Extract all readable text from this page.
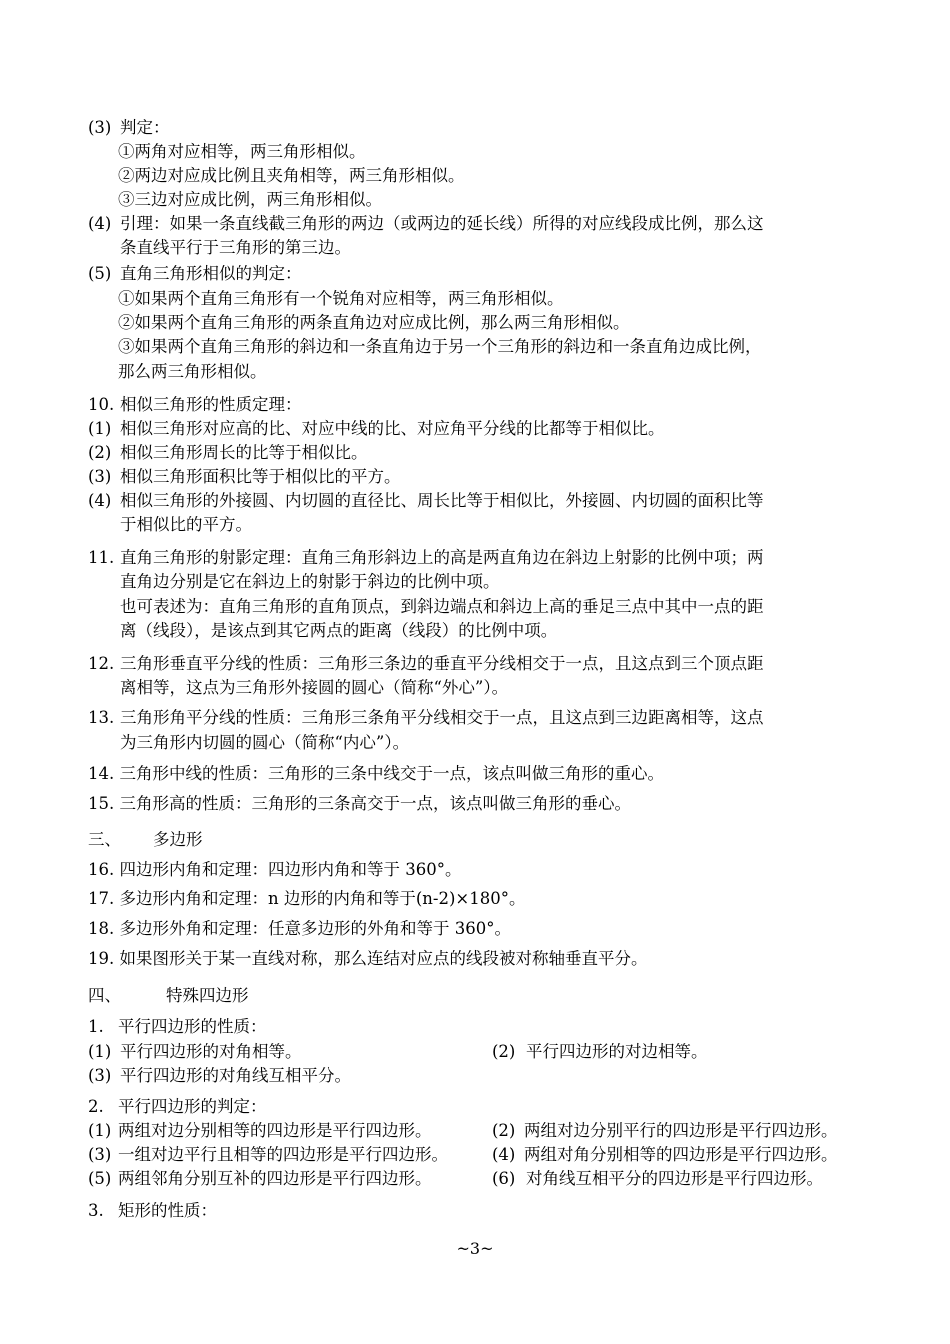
(3) 判定：
①两角对应相等，两三角形相似。
②两边对应成比例且夹角相等，两三角形相似。
③三边对应成比例，两三角形相似。
(4) 引理：如果一条直线截三角形的两边（或两边的延长线）所得的对应线段成比例，那么这
条直线平行于三角形的第三边。
(5) 直角三角形相似的判定：
①如果两个直角三角形有一个锐角对应相等，两三角形相似。
②如果两个直角三角形的两条直角边对应成比例，那么两三角形相似。
③如果两个直角三角形的斜边和一条直角边于另一个三角形的斜边和一条直角边成比例，
那么两三角形相似。
10. 相似三角形的性质定理：
(1) 相似三角形对应高的比、对应中线的比、对应角平分线的比都等于相似比。
(2) 相似三角形周长的比等于相似比。
(3) 相似三角形面积比等于相似比的平方。
(4) 相似三角形的外接圆、内切圆的直径比、周长比等于相似比，外接圆、内切圆的面积比等
于相似比的平方。
11. 直角三角形的射影定理：直角三角形斜边上的高是两直角边在斜边上射影的比例中项；两
直角边分别是它在斜边上的射影于斜边的比例中项。
也可表述为：直角三角形的直角顶点，到斜边端点和斜边上高的垂足三点中其中一点的距
离（线段），是该点到其它两点的距离（线段）的比例中项。
12. 三角形垂直平分线的性质：三角形三条边的垂直平分线相交于一点，且这点到三个顶点距
离相等，这点为三角形外接圆的圆心（简称“外心”）。
13. 三角形角平分线的性质：三角形三条角平分线相交于一点，且这点到三边距离相等，这点
为三角形内切圆的圆心（简称“内心”）。
14. 三角形中线的性质：三角形的三条中线交于一点，该点叫做三角形的重心。
15. 三角形高的性质：三角形的三条高交于一点，该点叫做三角形的垂心。
三、 多边形
16. 四边形内角和定理：四边形内角和等于 360°。
17. 多边形内角和定理：n 边形的内角和等于(n-2)×180°。
18. 多边形外角和定理：任意多边形的外角和等于 360°。
19. 如果图形关于某一直线对称，那么连结对应点的线段被对称轴垂直平分。
四、	特殊四边形
1. 平行四边形的性质：
(1) 平行四边形的对角相等。	(2) 平行四边形的对边相等。
(3) 平行四边形的对角线互相平分。
2. 平行四边形的判定：
(1) 两组对边分别相等的四边形是平行四边形。	(2) 两组对边分别平行的四边形是平行四边形。
(3) 一组对边平行且相等的四边形是平行四边形。	(4) 两组对角分别相等的四边形是平行四边形。
(5) 两组邻角分别互补的四边形是平行四边形。	(6) 对角线互相平分的四边形是平行四边形。
3. 矩形的性质：
~3~
